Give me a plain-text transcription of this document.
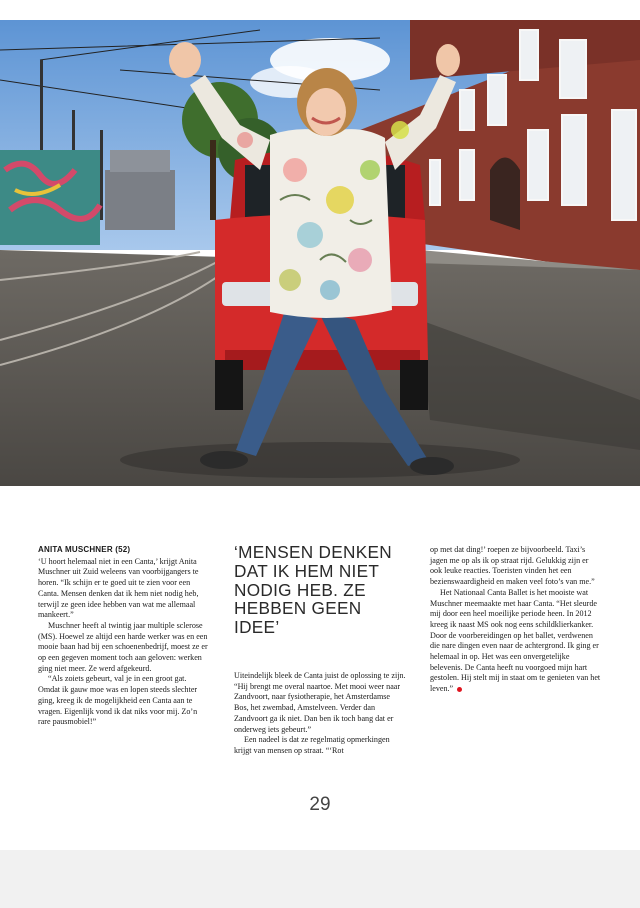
ANITA MUSCHNER (52)

‘U hoort helemaal niet in een Canta,’ krijgt Anita Muschner uit Zuid weleens van voorbijgangers te horen. “Ik schijn er te goed uit te zien voor een Canta. Mensen denken dat ik hem niet nodig heb, terwijl ze geen idee hebben van wat me allemaal mankeert.”

Muschner heeft al twintig jaar multiple sclerose (MS). Hoewel ze altijd een harde werker was en een mooie baan had bij een schoenenbedrijf, moest ze er op een gegeven moment toch aan geloven: werken ging niet meer. Ze werd afgekeurd.

“Als zoiets gebeurt, val je in een groot gat. Omdat ik gauw moe was en lopen steeds slechter ging, kreeg ik de mogelijkheid een Canta aan te vragen. Eigenlijk vond ik dat niks voor mij. Zo’n rare pausmobiel!”

‘MENSEN DENKEN DAT IK HEM NIET NODIG HEB. ZE HEBBEN GEEN IDEE’

Uiteindelijk bleek de Canta juist de oplossing te zijn. “Hij brengt me overal naartoe. Met mooi weer naar Zandvoort, naar fysiotherapie, het Amsterdamse Bos, het zwembad, Amstelveen. Verder dan Zandvoort ga ik niet. Dan ben ik toch bang dat er onderweg iets gebeurt.”

Een nadeel is dat ze regelmatig opmerkingen krijgt van mensen op straat. “‘Rot

op met dat ding!’ roepen ze bijvoorbeeld. Taxi’s jagen me op als ik op straat rijd. Gelukkig zijn er ook leuke reacties. Toeristen vinden het een bezienswaardigheid en maken veel foto’s van me.”

Het Nationaal Canta Ballet is het mooiste wat Muschner meemaakte met haar Canta. “Het sleurde mij door een heel moeilijke periode heen. In 2012 kreeg ik naast MS ook nog eens schildklierkanker. Door de voorbereidingen op het ballet, verdwenen die nare dingen even naar de achtergrond. Ik ging er helemaal in op. Het was een onvergetelijke belevenis. De Canta heeft nu voorgoed mijn hart gestolen. Hij stelt mij in staat om te genieten van het leven.”

29
